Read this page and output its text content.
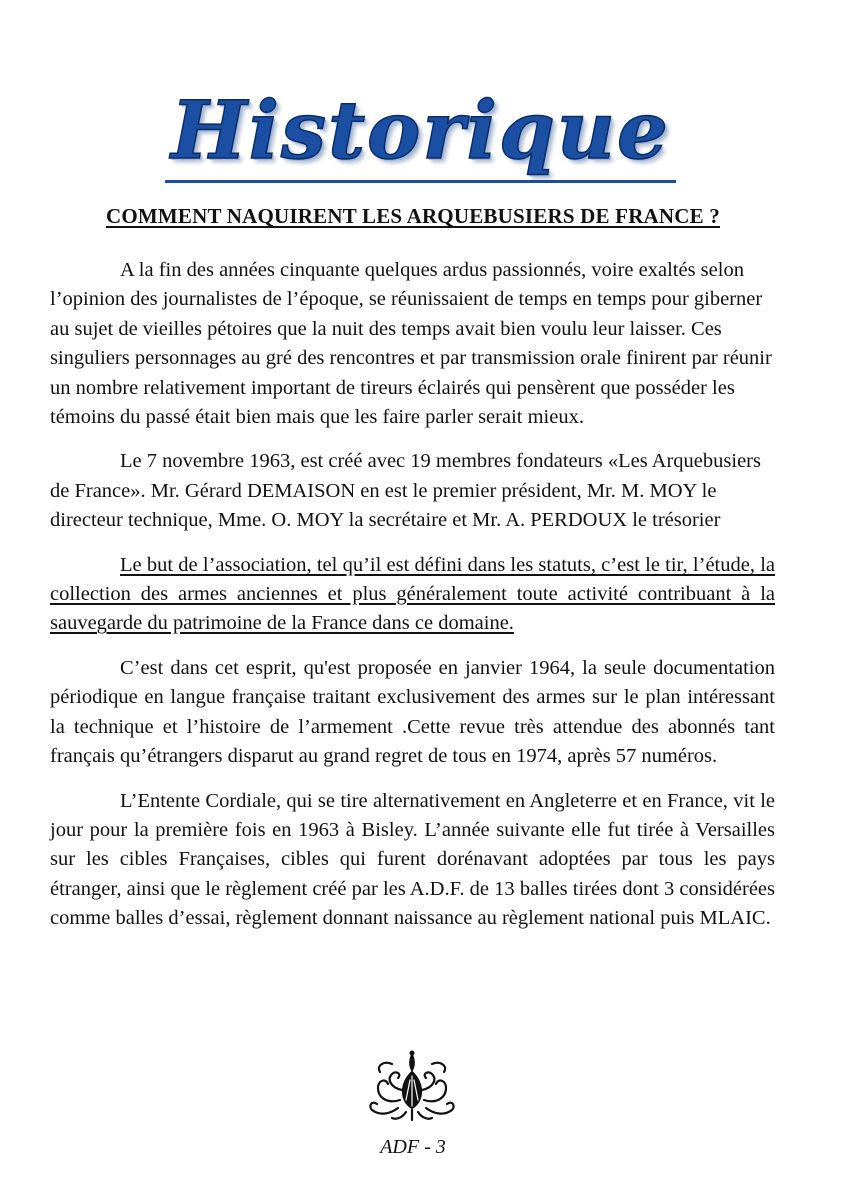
Historique
COMMENT NAQUIRENT LES ARQUEBUSIERS DE FRANCE ?

A la fin des années cinquante quelques ardus passionnés, voire exaltés selon l’opinion des journalistes de l’époque, se réunissaient de temps en temps pour giberner au sujet de vieilles pétoires que la nuit des temps avait bien voulu leur laisser. Ces singuliers personnages au gré des rencontres et par transmission orale finirent par réunir un nombre relativement important de tireurs éclairés qui pensèrent que posséder les témoins du passé était bien mais que les faire parler serait mieux.

Le 7 novembre 1963, est créé avec 19 membres fondateurs «Les Arquebusiers de France». Mr. Gérard DEMAISON en est le premier président, Mr. M. MOY le directeur technique, Mme. O. MOY la secrétaire et Mr. A. PERDOUX le trésorier

Le but de l’association, tel qu’il est défini dans les statuts, c’est le tir, l’étude, la collection des armes anciennes et plus généralement toute activité contribuant à la sauvegarde du patrimoine de la France dans ce domaine.

C’est dans cet esprit, qu'est proposée en janvier 1964, la seule documentation périodique en langue française traitant exclusivement des armes sur le plan intéressant la technique et l’histoire de l’armement .Cette revue très attendue des abonnés tant français qu’étrangers disparut au grand regret de tous en 1974, après 57 numéros.

L’Entente Cordiale, qui se tire alternativement en Angleterre et en France, vit le jour pour la première fois en 1963 à Bisley. L’année suivante elle fut tirée à Versailles sur les cibles Françaises, cibles qui furent dorénavant adoptées par tous les pays étranger, ainsi que le règlement créé par les A.D.F. de 13 balles tirées dont 3 considérées comme balles d’essai, règlement donnant naissance au règlement national puis MLAIC.

ADF - 3
